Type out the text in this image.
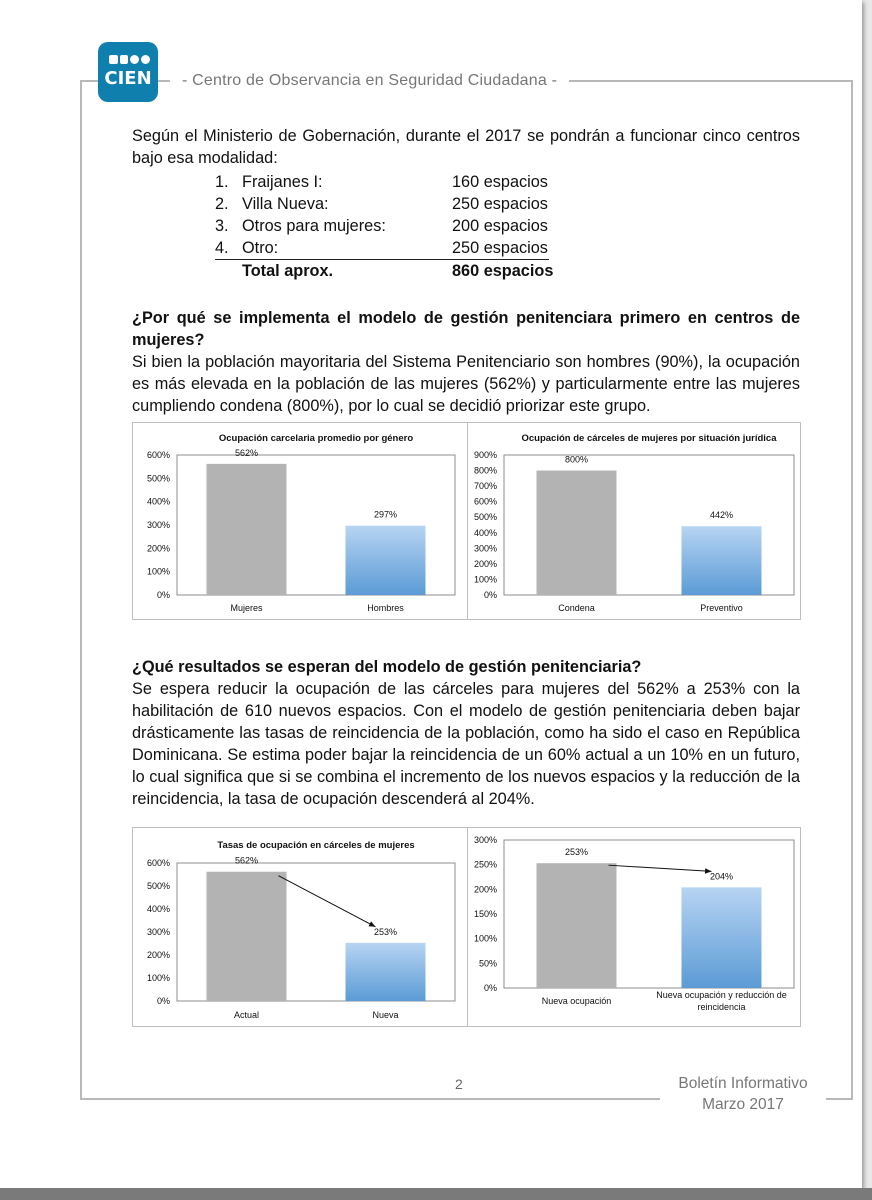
CIEN	- Centro de Observancia en Seguridad Ciudadana -

Según el Ministerio de Gobernación, durante el 2017 se pondrán a funcionar cinco centros bajo esa modalidad:

1. Fraijanes I:	160 espacios
2. Villa Nueva:	250 espacios
3. Otros para mujeres:	200 espacios
4. Otro:	250 espacios
Total aprox.	860 espacios

¿Por qué se implementa el modelo de gestión penitenciara primero en centros de mujeres?

Si bien la población mayoritaria del Sistema Penitenciario son hombres (90%), la ocupación es más elevada en la población de las mujeres (562%) y particularmente entre las mujeres cumpliendo condena (800%), por lo cual se decidió priorizar este grupo.

Ocupación carcelaria promedio por género
0%
100%
200%
300%
400%
500%
600%	562%
Mujeres
297%
Hombres
Ocupación de cárceles de mujeres por situación jurídica
0%
100%
200%
300%
400%
500%
600%
700%
800%
900%	800%
Condena
442%
Preventivo

¿Qué resultados se esperan del modelo de gestión penitenciaria?

Se espera reducir la ocupación de las cárceles para mujeres del 562% a 253% con la habilitación de 610 nuevos espacios. Con el modelo de gestión penitenciaria deben bajar drásticamente las tasas de reincidencia de la población, como ha sido el caso en República Dominicana. Se estima poder bajar la reincidencia de un 60% actual a un 10% en un futuro, lo cual significa que si se combina el incremento de los nuevos espacios y la reducción de la reincidencia, la tasa de ocupación descenderá al 204%.

Tasas de ocupación en cárceles de mujeres
0%
100%
200%
300%
400%
500%
600%	562%
Actual
253%
Nueva
0%
50%
100%
150%
200%
250%
300%
253%
Nueva ocupación
204%
Nueva ocupación y reducción de
reincidencia
2	Boletín Informativo
Marzo 2017
